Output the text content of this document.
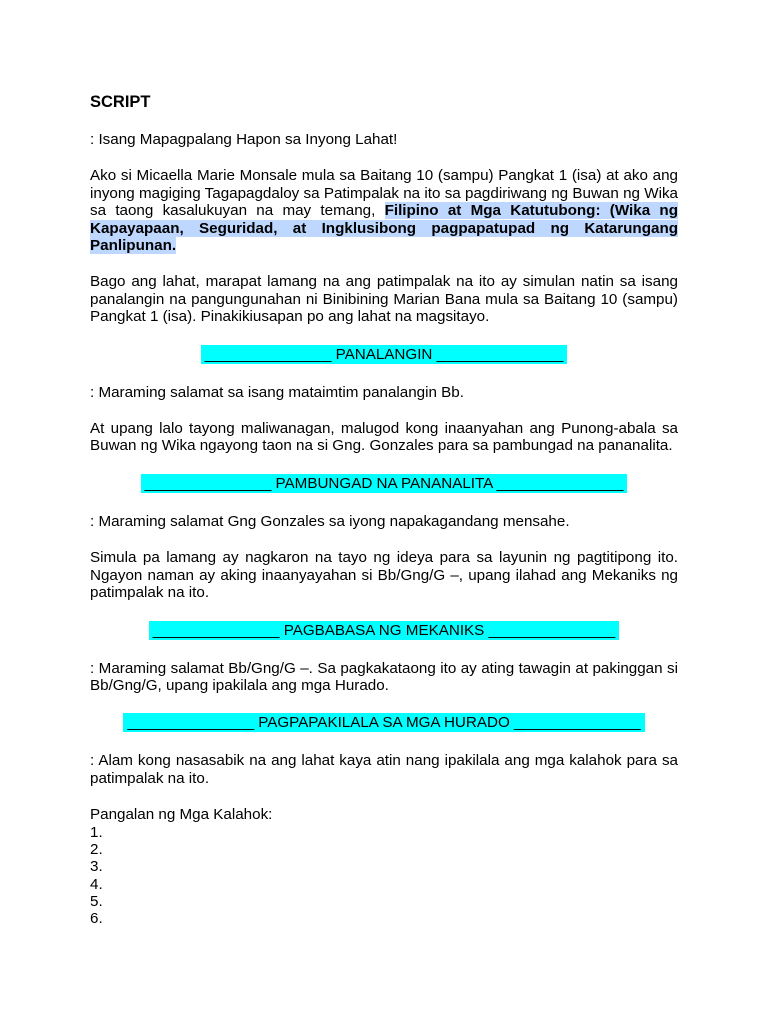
SCRIPT
: Isang Mapagpalang Hapon sa Inyong Lahat!
Ako si Micaella Marie Monsale mula sa Baitang 10 (sampu) Pangkat 1 (isa) at ako ang inyong magiging Tagapagdaloy sa Patimpalak na ito sa pagdiriwang ng Buwan ng Wika sa taong kasalukuyan na may temang, Filipino at Mga Katutubong: (Wika ng Kapayapaan, Seguridad, at Ingklusibong pagpapatupad ng Katarungang Panlipunan.
Bago ang lahat, marapat lamang na ang patimpalak na ito ay simulan natin sa isang panalangin na pangungunahan ni Binibining Marian Bana mula sa Baitang 10 (sampu) Pangkat 1 (isa). Pinakikiusapan po ang lahat na magsitayo.
_______________ PANALANGIN _______________
: Maraming salamat sa isang mataimtim panalangin Bb.
At upang lalo tayong maliwanagan, malugod kong inaanyahan ang Punong-abala sa Buwan ng Wika ngayong taon na si Gng. Gonzales para sa pambungad na pananalita.
_______________ PAMBUNGAD NA PANANALITA _______________
: Maraming salamat Gng Gonzales sa iyong napakagandang mensahe.
Simula pa lamang ay nagkaron na tayo ng ideya para sa layunin ng pagtitipong ito. Ngayon naman ay aking inaanyayahan si Bb/Gng/G –, upang ilahad ang Mekaniks ng patimpalak na ito.
_______________ PAGBABASA NG MEKANIKS _______________
: Maraming salamat Bb/Gng/G –. Sa pagkakataong ito ay ating tawagin at pakinggan si Bb/Gng/G, upang ipakilala ang mga Hurado.
_______________ PAGPAPAKILALA SA MGA HURADO _______________
: Alam kong nasasabik na ang lahat kaya atin nang ipakilala ang mga kalahok para sa patimpalak na ito.
Pangalan ng Mga Kalahok:
1.
2.
3.
4.
5.
6.
